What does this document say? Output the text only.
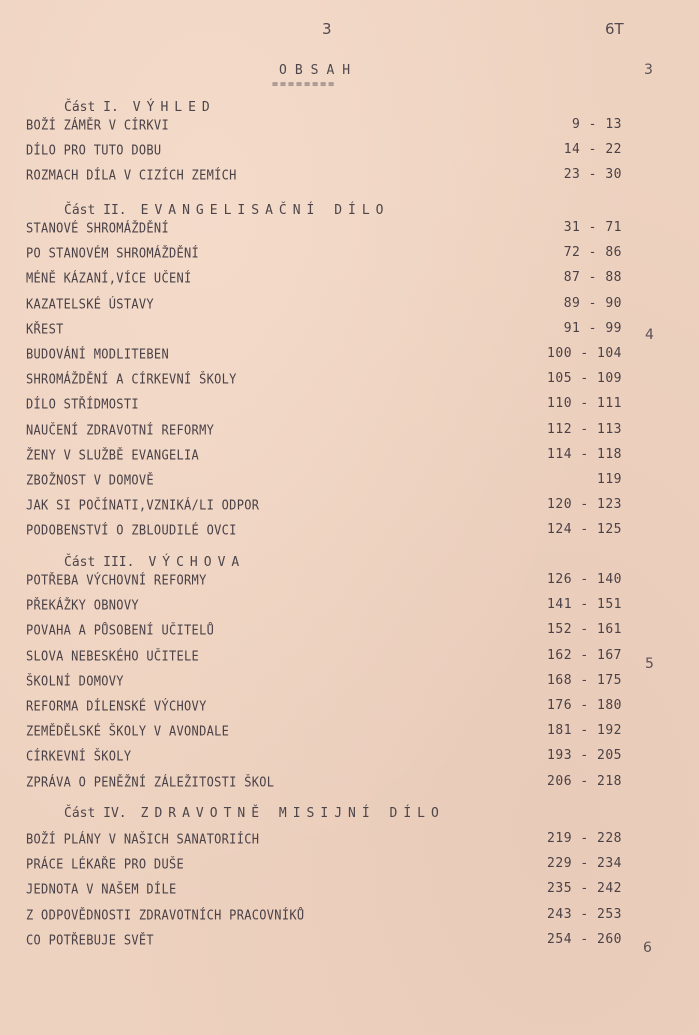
3	6T
OBSAH
========
3
4
5
6
Část I. VÝHLED
BOŽÍ ZÁMĚR V CÍRKVI	9 - 13
DÍLO PRO TUTO DOBU	14 - 22
ROZMACH DÍLA V CIZÍCH ZEMÍCH	23 - 30
Část II. EVANGELISAČNÍ DÍLO
STANOVÉ SHROMÁŽDĚNÍ	31 - 71
PO STANOVÉM SHROMÁŽDĚNÍ	72 - 86
MÉNĚ KÁZANÍ,VÍCE UČENÍ	87 - 88
KAZATELSKÉ ÚSTAVY	89 - 90
KŘEST	91 - 99
BUDOVÁNÍ MODLITEBEN	100 - 104
SHROMÁŽDĚNÍ A CÍRKEVNÍ ŠKOLY	105 - 109
DÍLO STŘÍDMOSTI	110 - 111
NAUČENÍ ZDRAVOTNÍ REFORMY	112 - 113
ŽENY V SLUŽBĚ EVANGELIA	114 - 118
ZBOŽNOST V DOMOVĚ	119
JAK SI POČÍNATI,VZNIKÁ/LI ODPOR	120 - 123
PODOBENSTVÍ O ZBLOUDILÉ OVCI	124 - 125
Část III. VÝCHOVA
POTŘEBA VÝCHOVNÍ REFORMY	126 - 140
PŘEKÁŽKY OBNOVY	141 - 151
POVAHA A PŮSOBENÍ UČITELŮ	152 - 161
SLOVA NEBESKÉHO UČITELE	162 - 167
ŠKOLNÍ DOMOVY	168 - 175
REFORMA DÍLENSKÉ VÝCHOVY	176 - 180
ZEMĚDĚLSKÉ ŠKOLY V AVONDALE	181 - 192
CÍRKEVNÍ ŠKOLY	193 - 205
ZPRÁVA O PENĚŽNÍ ZÁLEŽITOSTI ŠKOL	206 - 218
Část IV. ZDRAVOTNĚ MISIJNÍ DÍLO
BOŽÍ PLÁNY V NAŠICH SANATORIÍCH	219 - 228
PRÁCE LÉKAŘE PRO DUŠE	229 - 234
JEDNOTA V NAŠEM DÍLE	235 - 242
Z ODPOVĚDNOSTI ZDRAVOTNÍCH PRACOVNÍKŮ	243 - 253
CO POTŘEBUJE SVĚT	254 - 260
